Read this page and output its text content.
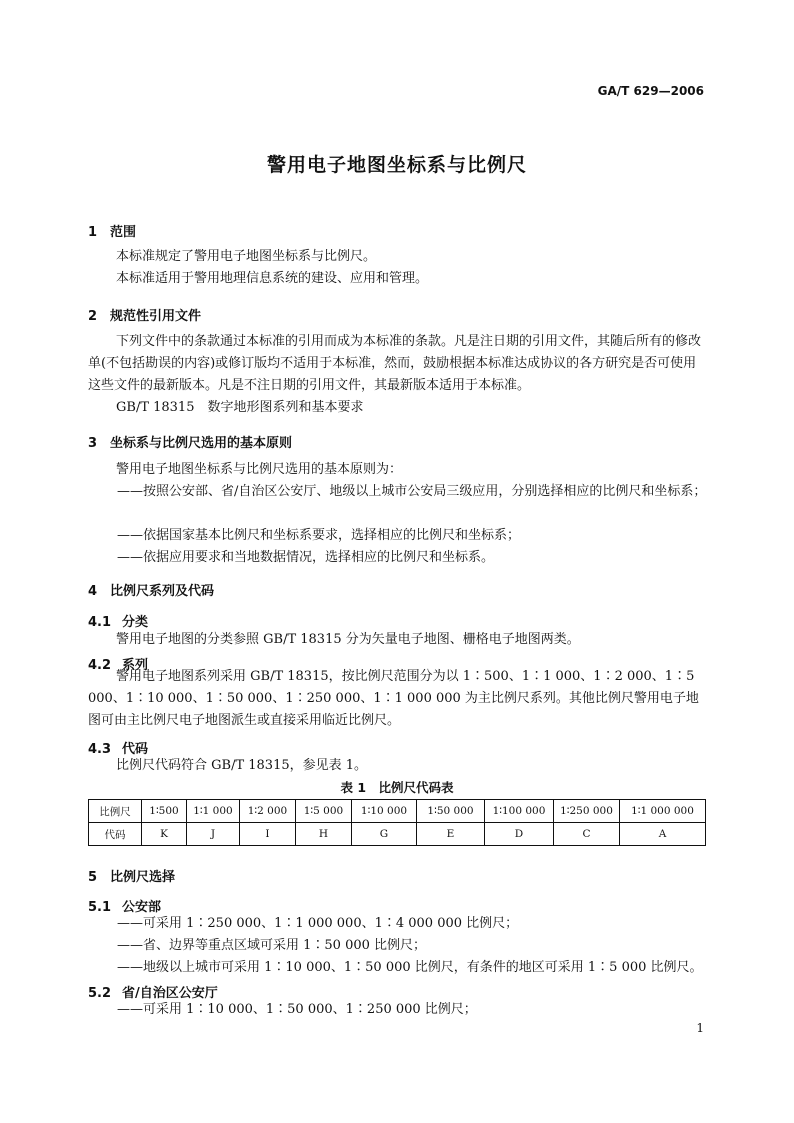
GA/T 629—2006
警用电子地图坐标系与比例尺
1 范围
本标准规定了警用电子地图坐标系与比例尺。
本标准适用于警用地理信息系统的建设、应用和管理。
2 规范性引用文件
下列文件中的条款通过本标准的引用而成为本标准的条款。凡是注日期的引用文件，其随后所有的修改单(不包括勘误的内容)或修订版均不适用于本标准，然而，鼓励根据本标准达成协议的各方研究是否可使用这些文件的最新版本。凡是不注日期的引用文件，其最新版本适用于本标准。
GB/T 18315　数字地形图系列和基本要求
3 坐标系与比例尺选用的基本原则
警用电子地图坐标系与比例尺选用的基本原则为：
——按照公安部、省/自治区公安厅、地级以上城市公安局三级应用，分别选择相应的比例尺和坐标系；
——依据国家基本比例尺和坐标系要求，选择相应的比例尺和坐标系；
——依据应用要求和当地数据情况，选择相应的比例尺和坐标系。
4 比例尺系列及代码
4.1 分类
警用电子地图的分类参照 GB/T 18315 分为矢量电子地图、栅格电子地图两类。
4.2 系列
警用电子地图系列采用 GB/T 18315，按比例尺范围分为以 1∶500、1∶1 000、1∶2 000、1∶5 000、1∶10 000、1∶50 000、1∶250 000、1∶1 000 000 为主比例尺系列。其他比例尺警用电子地图可由主比例尺电子地图派生或直接采用临近比例尺。
4.3 代码
比例尺代码符合 GB/T 18315，参见表 1。
表 1　比例尺代码表
比例尺	1∶500	1∶1 000	1∶2 000	1∶5 000	1∶10 000	1∶50 000	1∶100 000	1∶250 000	1∶1 000 000
代码	K	J	I	H	G	E	D	C	A
5 比例尺选择
5.1 公安部
——可采用 1∶250 000、1∶1 000 000、1∶4 000 000 比例尺；
——省、边界等重点区域可采用 1∶50 000 比例尺；
——地级以上城市可采用 1∶10 000、1∶50 000 比例尺，有条件的地区可采用 1∶5 000 比例尺。
5.2 省/自治区公安厅
——可采用 1∶10 000、1∶50 000、1∶250 000 比例尺；
1
